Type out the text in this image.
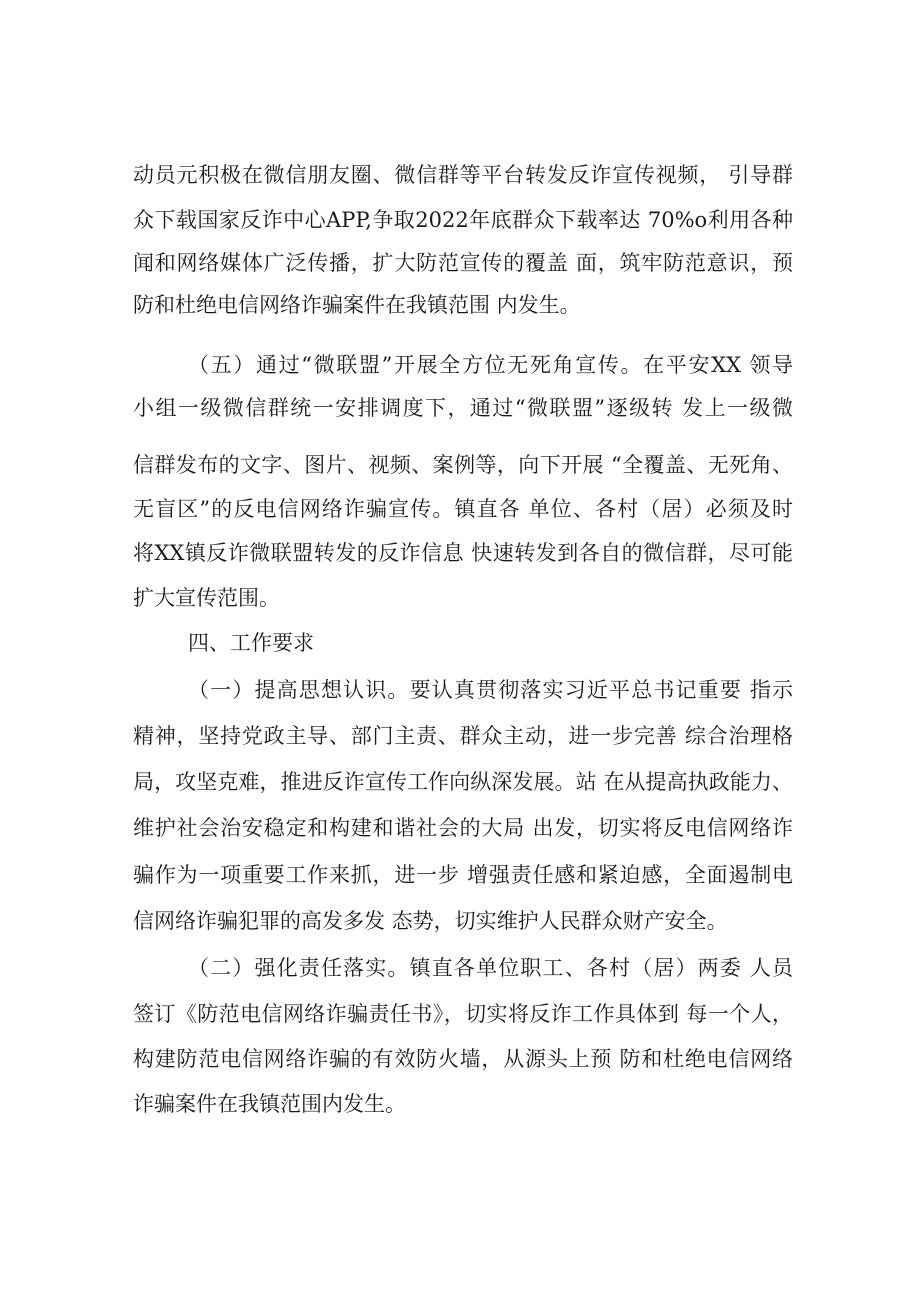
动员元积极在微信朋友圈、微信群等平台转发反诈宣传视频， 引导群
众下载国家反诈中心APP,争取2022年底群众下载率达 70%o利用各种
闻和网络媒体广泛传播，扩大防范宣传的覆盖 面，筑牢防范意识，预
防和杜绝电信网络诈骗案件在我镇范围 内发生。
（五）通过“微联盟”开展全方位无死角宣传。在平安XX 领导
小组一级微信群统一安排调度下，通过“微联盟”逐级转 发上一级微
信群发布的文字、图片、视频、案例等，向下开展 “全覆盖、无死角、
无盲区”的反电信网络诈骗宣传。镇直各 单位、各村（居）必须及时
将XX镇反诈微联盟转发的反诈信息 快速转发到各自的微信群，尽可能
扩大宣传范围。
四、工作要求
（一）提高思想认识。要认真贯彻落实习近平总书记重要 指示
精神，坚持党政主导、部门主责、群众主动，进一步完善 综合治理格
局，攻坚克难，推进反诈宣传工作向纵深发展。站 在从提高执政能力、
维护社会治安稳定和构建和谐社会的大局 出发，切实将反电信网络诈
骗作为一项重要工作来抓，进一步 增强责任感和紧迫感，全面遏制电
信网络诈骗犯罪的高发多发 态势，切实维护人民群众财产安全。
（二）强化责任落实。镇直各单位职工、各村（居）两委 人员
签订《防范电信网络诈骗责任书》，切实将反诈工作具体到 每一个人，
构建防范电信网络诈骗的有效防火墙，从源头上预 防和杜绝电信网络
诈骗案件在我镇范围内发生。
